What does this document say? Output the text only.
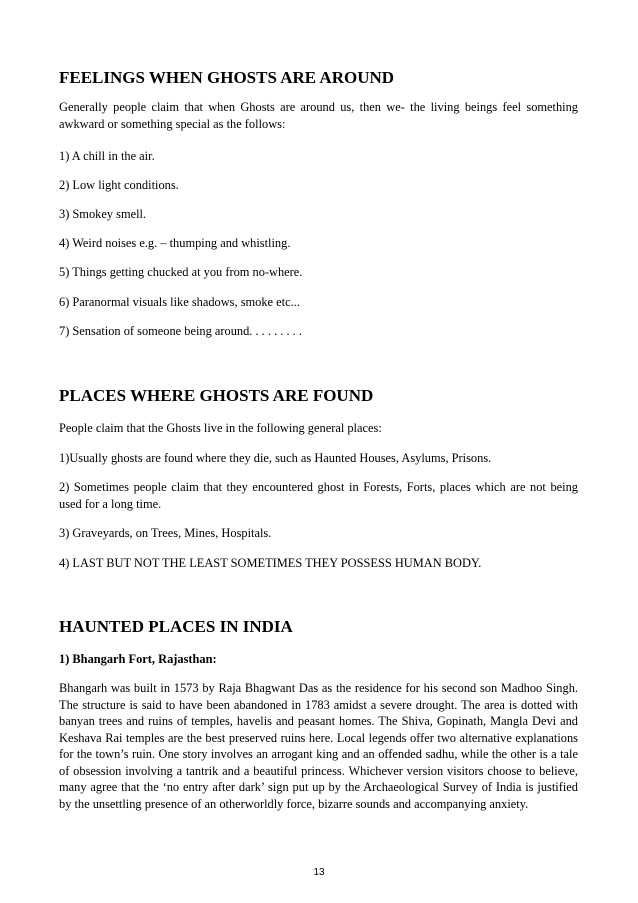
FEELINGS WHEN GHOSTS ARE AROUND

Generally people claim that when Ghosts are around us, then we- the living beings feel something awkward or something special as the follows:

1) A chill in the air.

2) Low light conditions.

3) Smokey smell.

4) Weird noises e.g. – thumping and whistling.

5) Things getting chucked at you from no-where.

6) Paranormal visuals like shadows, smoke etc...

7) Sensation of someone being around. . . . . . . . .

PLACES WHERE GHOSTS ARE FOUND

People claim that the Ghosts live in the following general places:

1)Usually ghosts are found where they die, such as Haunted Houses, Asylums, Prisons.

2) Sometimes people claim that they encountered ghost in Forests, Forts, places which are not being used for a long time.

3) Graveyards, on Trees, Mines, Hospitals.

4) LAST BUT NOT THE LEAST SOMETIMES THEY POSSESS HUMAN BODY.

HAUNTED PLACES IN INDIA

1) Bhangarh Fort, Rajasthan:

Bhangarh was built in 1573 by Raja Bhagwant Das as the residence for his second son Madhoo Singh. The structure is said to have been abandoned in 1783 amidst a severe drought. The area is dotted with banyan trees and ruins of temples, havelis and peasant homes. The Shiva, Gopinath, Mangla Devi and Keshava Rai temples are the best preserved ruins here. Local legends offer two alternative explanations for the town’s ruin. One story involves an arrogant king and an offended sadhu, while the other is a tale of obsession involving a tantrik and a beautiful princess. Whichever version visitors choose to believe, many agree that the ‘no entry after dark’ sign put up by the Archaeological Survey of India is justified by the unsettling presence of an otherworldly force, bizarre sounds and accompanying anxiety.

13
